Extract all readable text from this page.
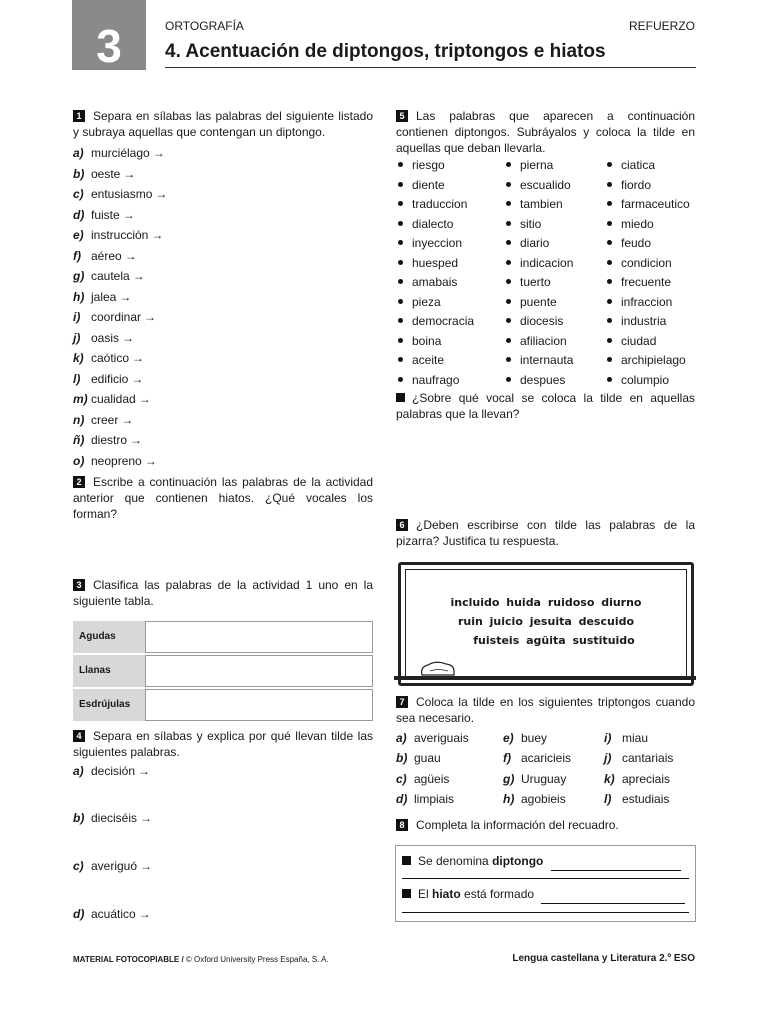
3	ORTOGRAFÍA	REFUERZO
4. Acentuación de diptongos, triptongos e hiatos
1 Separa en sílabas las palabras del siguiente listado y subraya aquellas que contengan un diptongo.
a) murciélago →
b) oeste →
c) entusiasmo →
d) fuiste →
e) instrucción →
f) aéreo →
g) cautela →
h) jalea →
i) coordinar →
j) oasis →
k) caótico →
l) edificio →
m) cualidad →
n) creer →
ñ) diestro →
o) neopreno →
2 Escribe a continuación las palabras de la actividad anterior que contienen hiatos. ¿Qué vocales los forman?
3 Clasifica las palabras de la actividad 1 uno en la siguiente tabla.
Agudas	
Llanas	
Esdrújulas	
4 Separa en sílabas y explica por qué llevan tilde las siguientes palabras.
a) decisión →
b) dieciséis →
c) averiguó →
d) acuático →
5 Las palabras que aparecen a continuación contienen diptongos. Subráyalos y coloca la tilde en aquellas que deban llevarla.
riesgo
diente
traduccion
dialecto
inyeccion
huesped
amabais
pieza
democracia
boina
aceite
naufrago
pierna
escualido
tambien
sitio
diario
indicacion
tuerto
puente
diocesis
afiliacion
internauta
despues
ciatica
fiordo
farmaceutico
miedo
feudo
condicion
frecuente
infraccion
industria
ciudad
archipielago
columpio
¿Sobre qué vocal se coloca la tilde en aquellas palabras que la llevan?
6 ¿Deben escribirse con tilde las palabras de la pizarra? Justifica tu respuesta.
incluido huida ruidoso diurno
ruin juicio jesuita descuido
fuisteis agüita sustituido
7 Coloca la tilde en los siguientes triptongos cuando sea necesario.
a) averiguais
b) guau
c) agüeis
d) limpiais
e) buey
f) acaricieis
g) Uruguay
h) agobieis
i) miau
j) cantariais
k) apreciais
l) estudiais
8 Completa la información del recuadro.
Se denomina diptongo
El hiato está formado
MATERIAL FOTOCOPIABLE / © Oxford University Press España, S. A.	Lengua castellana y Literatura 2.º ESO
